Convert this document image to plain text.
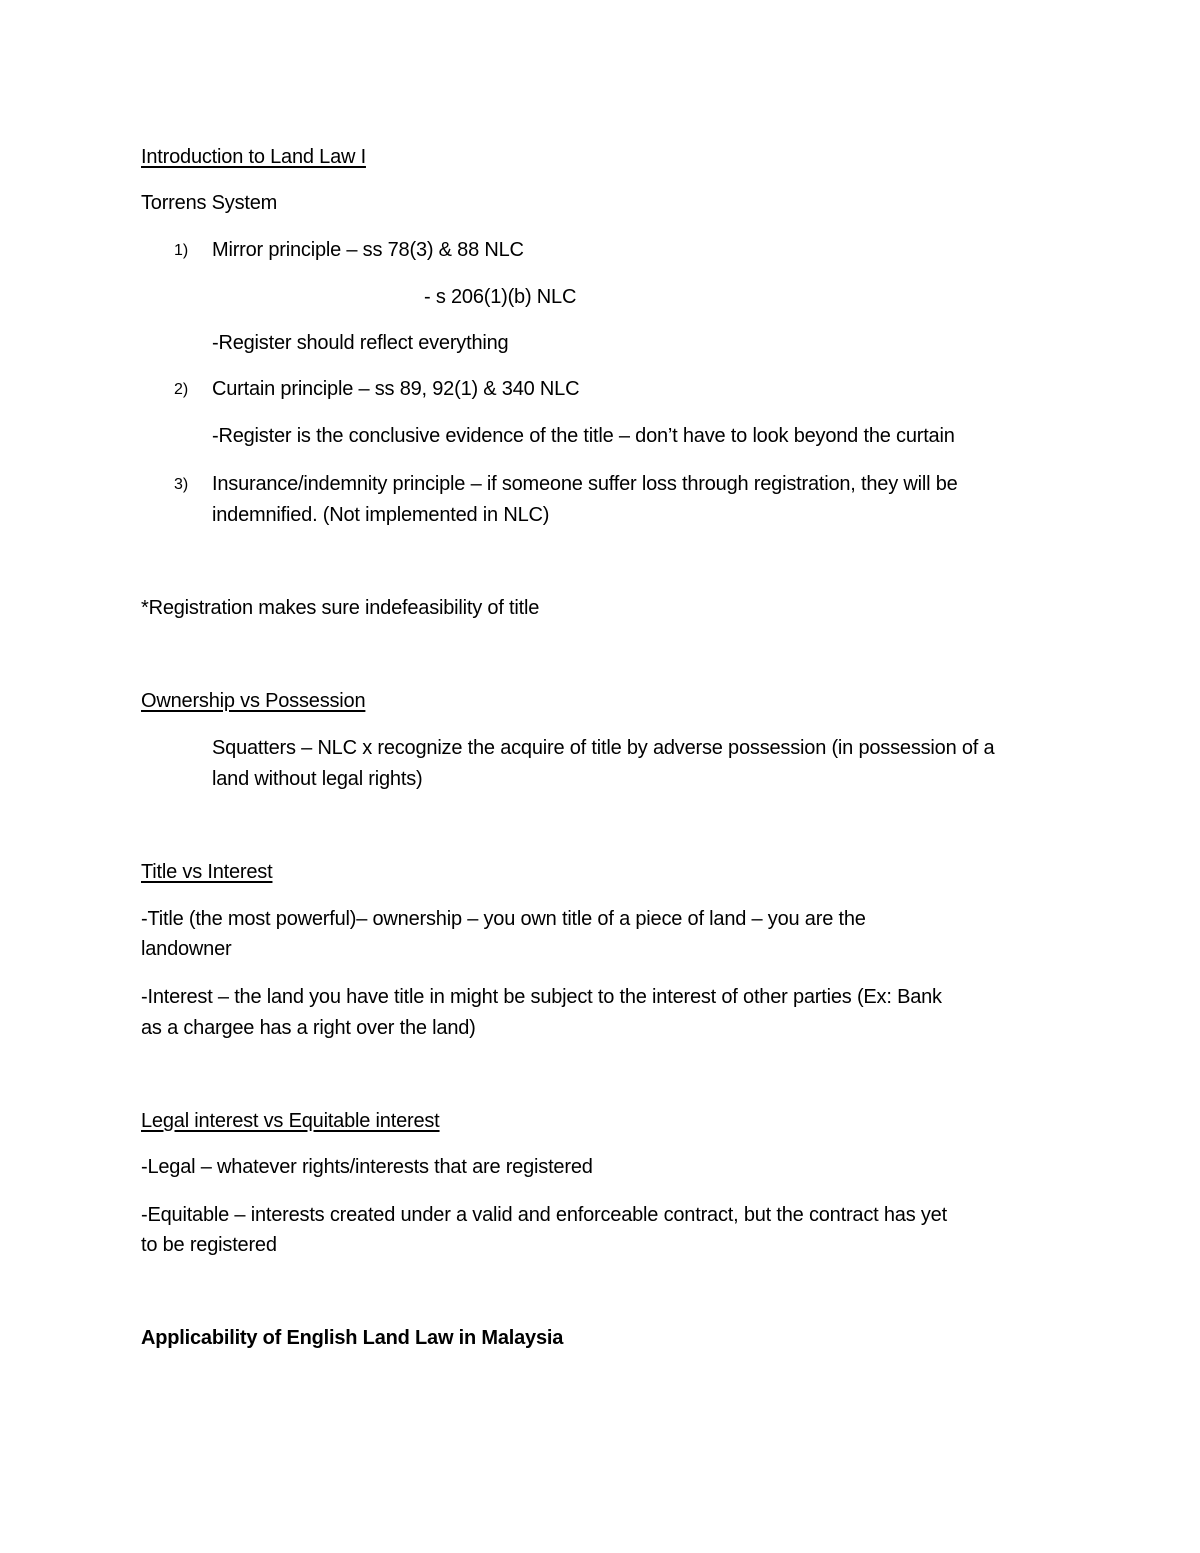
Introduction to Land Law I
Torrens System
1) Mirror principle – ss 78(3) & 88 NLC
- s 206(1)(b) NLC
-Register should reflect everything
2) Curtain principle – ss 89, 92(1) & 340 NLC
-Register is the conclusive evidence of the title – don’t have to look beyond the curtain
3) Insurance/indemnity principle – if someone suffer loss through registration, they will be
indemnified. (Not implemented in NLC)
*Registration makes sure indefeasibility of title
Ownership vs Possession
Squatters – NLC x recognize the acquire of title by adverse possession (in possession of a
land without legal rights)
Title vs Interest
-Title (the most powerful)– ownership – you own title of a piece of land – you are the
landowner
-Interest – the land you have title in might be subject to the interest of other parties (Ex: Bank
as a chargee has a right over the land)
Legal interest vs Equitable interest
-Legal – whatever rights/interests that are registered
-Equitable – interests created under a valid and enforceable contract, but the contract has yet
to be registered
Applicability of English Land Law in Malaysia
